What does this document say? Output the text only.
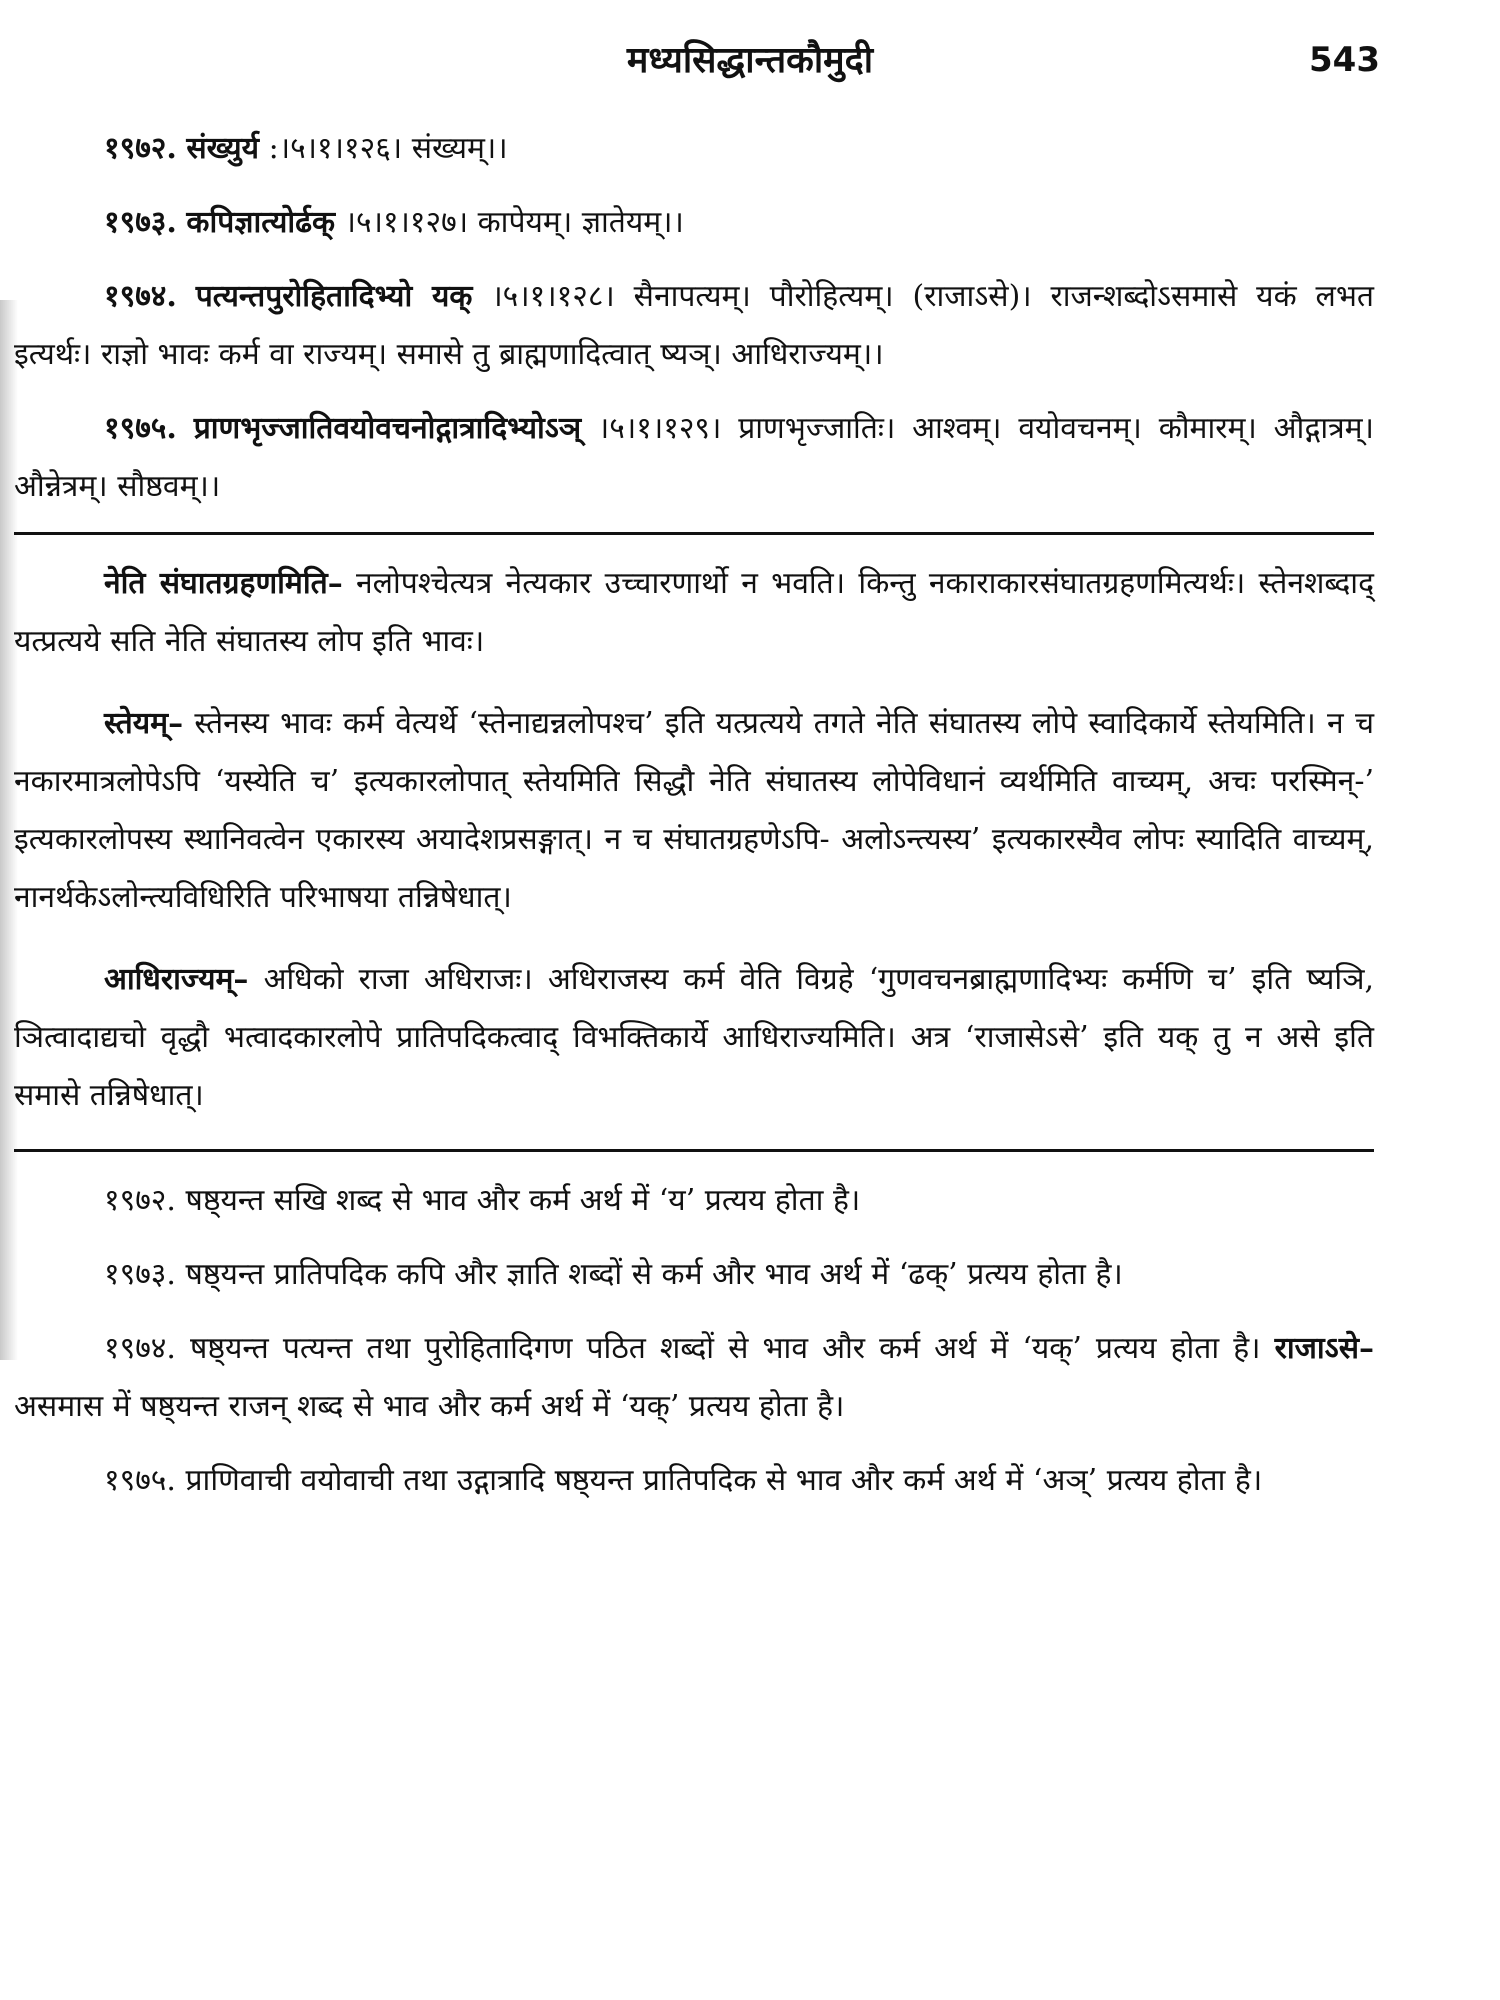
मध्यसिद्धान्तकौमुदी	543

१९७२. संख्युर्य :।५।१।१२६। संख्यम्।।

१९७३. कपिज्ञात्योर्ढक् ।५।१।१२७। कापेयम्। ज्ञातेयम्।।

१९७४. पत्यन्तपुरोहितादिभ्यो यक् ।५।१।१२८। सैनापत्यम्। पौरोहित्यम्। (राजाऽसे)। राजन्शब्दोऽसमासे यकं लभत इत्यर्थः। राज्ञो भावः कर्म वा राज्यम्। समासे तु ब्राह्मणादित्वात् ष्यञ्। आधिराज्यम्।।

१९७५. प्राणभृज्जातिवयोवचनोद्गात्रादिभ्योऽञ् ।५।१।१२९। प्राणभृज्जातिः। आश्वम्। वयोवचनम्। कौमारम्। औद्गात्रम्। औन्नेत्रम्। सौष्ठवम्।।

नेति संघातग्रहणमिति– नलोपश्चेत्यत्र नेत्यकार उच्चारणार्थो न भवति। किन्तु नकाराकारसंघातग्रहणमित्यर्थः। स्तेनशब्दाद् यत्प्रत्यये सति नेति संघातस्य लोप इति भावः।

स्तेयम्– स्तेनस्य भावः कर्म वेत्यर्थे ‘स्तेनाद्यन्नलोपश्च’ इति यत्प्रत्यये तगते नेति संघातस्य लोपे स्वादिकार्ये स्तेयमिति। न च नकारमात्रलोपेऽपि ‘यस्येति च’ इत्यकारलोपात् स्तेयमिति सिद्धौ नेति संघातस्य लोपेविधानं व्यर्थमिति वाच्यम्, अचः परस्मिन्-’ इत्यकारलोपस्य स्थानिवत्वेन एकारस्य अयादेशप्रसङ्गात्। न च संघातग्रहणेऽपि- अलोऽन्त्यस्य’ इत्यकारस्यैव लोपः स्यादिति वाच्यम्, नानर्थकेऽलोन्त्यविधिरिति परिभाषया तन्निषेधात्।

आधिराज्यम्– अधिको राजा अधिराजः। अधिराजस्य कर्म वेति विग्रहे ‘गुणवचनब्राह्मणादिभ्यः कर्मणि च’ इति ष्यञि, ञित्वादाद्यचो वृद्धौ भत्वादकारलोपे प्रातिपदिकत्वाद् विभक्तिकार्ये आधिराज्यमिति। अत्र ‘राजासेऽसे’ इति यक् तु न असे इति समासे तन्निषेधात्।

१९७२. षष्ठ्यन्त सखि शब्द से भाव और कर्म अर्थ में ‘य’ प्रत्यय होता है।

१९७३. षष्ठ्यन्त प्रातिपदिक कपि और ज्ञाति शब्दों से कर्म और भाव अर्थ में ‘ढक्’ प्रत्यय होता है।

१९७४. षष्ठ्यन्त पत्यन्त तथा पुरोहितादिगण पठित शब्दों से भाव और कर्म अर्थ में ‘यक्’ प्रत्यय होता है। राजाऽसे– असमास में षष्ठ्यन्त राजन् शब्द से भाव और कर्म अर्थ में ‘यक्’ प्रत्यय होता है।

१९७५. प्राणिवाची वयोवाची तथा उद्गात्रादि षष्ठ्यन्त प्रातिपदिक से भाव और कर्म अर्थ में ‘अञ्’ प्रत्यय होता है।
